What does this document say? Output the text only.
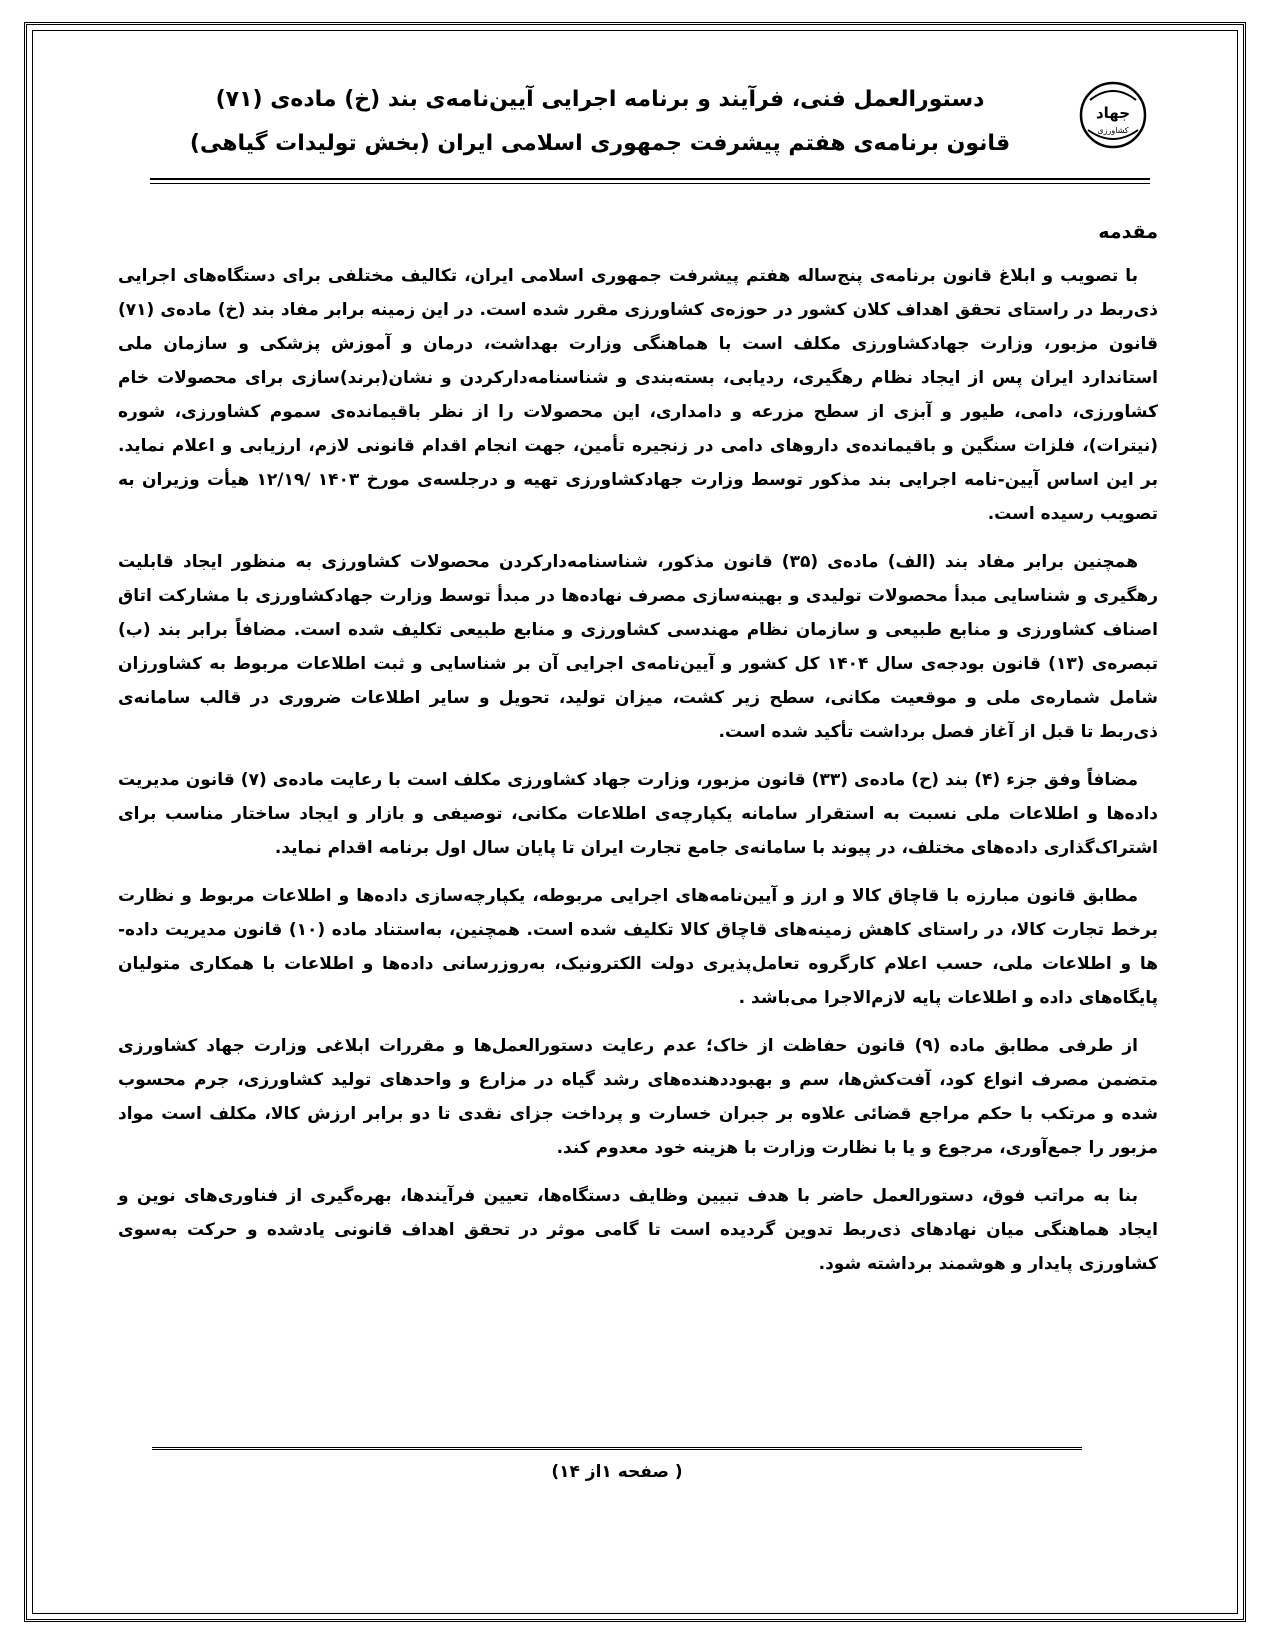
جهاد
کشاورزی
دستورالعمل فنی، فرآیند و برنامه اجرایی آیین‌نامه‌ی بند (خ) ماده‌ی (۷۱)
قانون برنامه‌ی هفتم پیشرفت جمهوری اسلامی ایران (بخش تولیدات گیاهی)
مقدمه

با تصویب و ابلاغ قانون برنامه‌ی پنج‌ساله هفتم پیشرفت جمهوری اسلامی ایران، تکالیف مختلفی برای دستگاه‌های اجرایی ذی‌ربط در راستای تحقق اهداف کلان کشور در حوزه‌ی کشاورزی مقرر شده است. در این زمینه برابر مفاد بند (خ) ماده‌ی (۷۱) قانون مزبور، وزارت جهادکشاورزی مکلف است با هماهنگی وزارت بهداشت، درمان و آموزش پزشکی و سازمان ملی استاندارد ایران پس از ایجاد نظام رهگیری، ردیابی، بسته‌بندی و شناسنامه‌دارکردن و نشان(برند)سازی برای محصولات خام کشاورزی، دامی، طیور و آبزی از سطح مزرعه و دامداری، این محصولات را از نظر باقیمانده‌ی سموم کشاورزی، شوره (نیترات)، فلزات سنگین و باقیمانده‌ی داروهای دامی در زنجیره تأمین، جهت انجام اقدام قانونی لازم، ارزیابی و اعلام نماید. بر این اساس آیین-نامه اجرایی بند مذکور توسط وزارت جهادکشاورزی تهیه و درجلسه‌ی مورخ ۱۴۰۳ /۱۲/۱۹ هیأت وزیران به تصویب رسیده است.

همچنین برابر مفاد بند (الف) ماده‌ی (۳۵) قانون مذکور، شناسنامه‌دارکردن محصولات کشاورزی به منظور ایجاد قابلیت رهگیری و شناسایی مبدأ محصولات تولیدی و بهینه‌سازی مصرف نهاده‌ها در مبدأ توسط وزارت جهادکشاورزی با مشارکت اتاق اصناف کشاورزی و منابع طبیعی و سازمان نظام مهندسی کشاورزی و منابع طبیعی تکلیف شده است. مضافاً برابر بند (ب) تبصره‌ی (۱۳) قانون بودجه‌ی سال ۱۴۰۴ کل کشور و آیین‌نامه‌ی اجرایی آن بر شناسایی و ثبت اطلاعات مربوط به کشاورزان شامل شماره‌ی ملی و موقعیت مکانی، سطح زیر کشت، میزان تولید، تحویل و سایر اطلاعات ضروری در قالب سامانه‌ی ذی‌ربط تا قبل از آغاز فصل برداشت تأکید شده است.

مضافاً وفق جزء (۴) بند (ح) ماده‌ی (۳۳) قانون مزبور، وزارت جهاد کشاورزی مکلف است با رعایت ماده‌ی (۷) قانون مدیریت داده‌ها و اطلاعات ملی نسبت به استقرار سامانه یکپارچه‌ی اطلاعات مکانی، توصیفی و بازار و ایجاد ساختار مناسب برای اشتراک‌گذاری داده‌های مختلف، در پیوند با سامانه‌ی جامع تجارت ایران تا پایان سال اول برنامه اقدام نماید.

مطابق قانون مبارزه با قاچاق کالا و ارز و آیین‌نامه‌های اجرایی مربوطه، یکپارچه‌سازی داده‌ها و اطلاعات مربوط و نظارت برخط تجارت کالا، در راستای کاهش زمینه‌های قاچاق کالا تکلیف شده است. همچنین، به‌استناد ماده (۱۰) قانون مدیریت داده-ها و اطلاعات ملی، حسب اعلام کارگروه تعامل‌پذیری دولت الکترونیک، به‌روزرسانی داده‌ها و اطلاعات با همکاری متولیان پایگاه‌های داده و اطلاعات پایه لازم‌الاجرا می‌باشد .

از طرفی مطابق ماده (۹) قانون حفاظت از خاک؛ عدم رعایت دستورالعمل‌ها و مقررات ابلاغی وزارت جهاد کشاورزی متضمن مصرف انواع کود، آفت‌کش‌ها، سم و بهبوددهنده‌های رشد گیاه در مزارع و واحدهای تولید کشاورزی، جرم محسوب شده و مرتکب با حکم مراجع قضائی علاوه بر جبران خسارت و پرداخت جزای نقدی تا دو برابر ارزش کالا، مکلف است مواد مزبور را جمع‌آوری، مرجوع و یا با نظارت وزارت با هزینه خود معدوم کند.

بنا به مراتب فوق، دستورالعمل حاضر با هدف تبیین وظایف دستگاه‌ها، تعیین فرآیندها، بهره‌گیری از فناوری‌های نوین و ایجاد هماهنگی میان نهادهای ذی‌ربط تدوین گردیده است تا گامی موثر در تحقق اهداف قانونی یادشده و حرکت به‌سوی کشاورزی پایدار و هوشمند برداشته شود.

( صفحه ۱از ۱۴)
